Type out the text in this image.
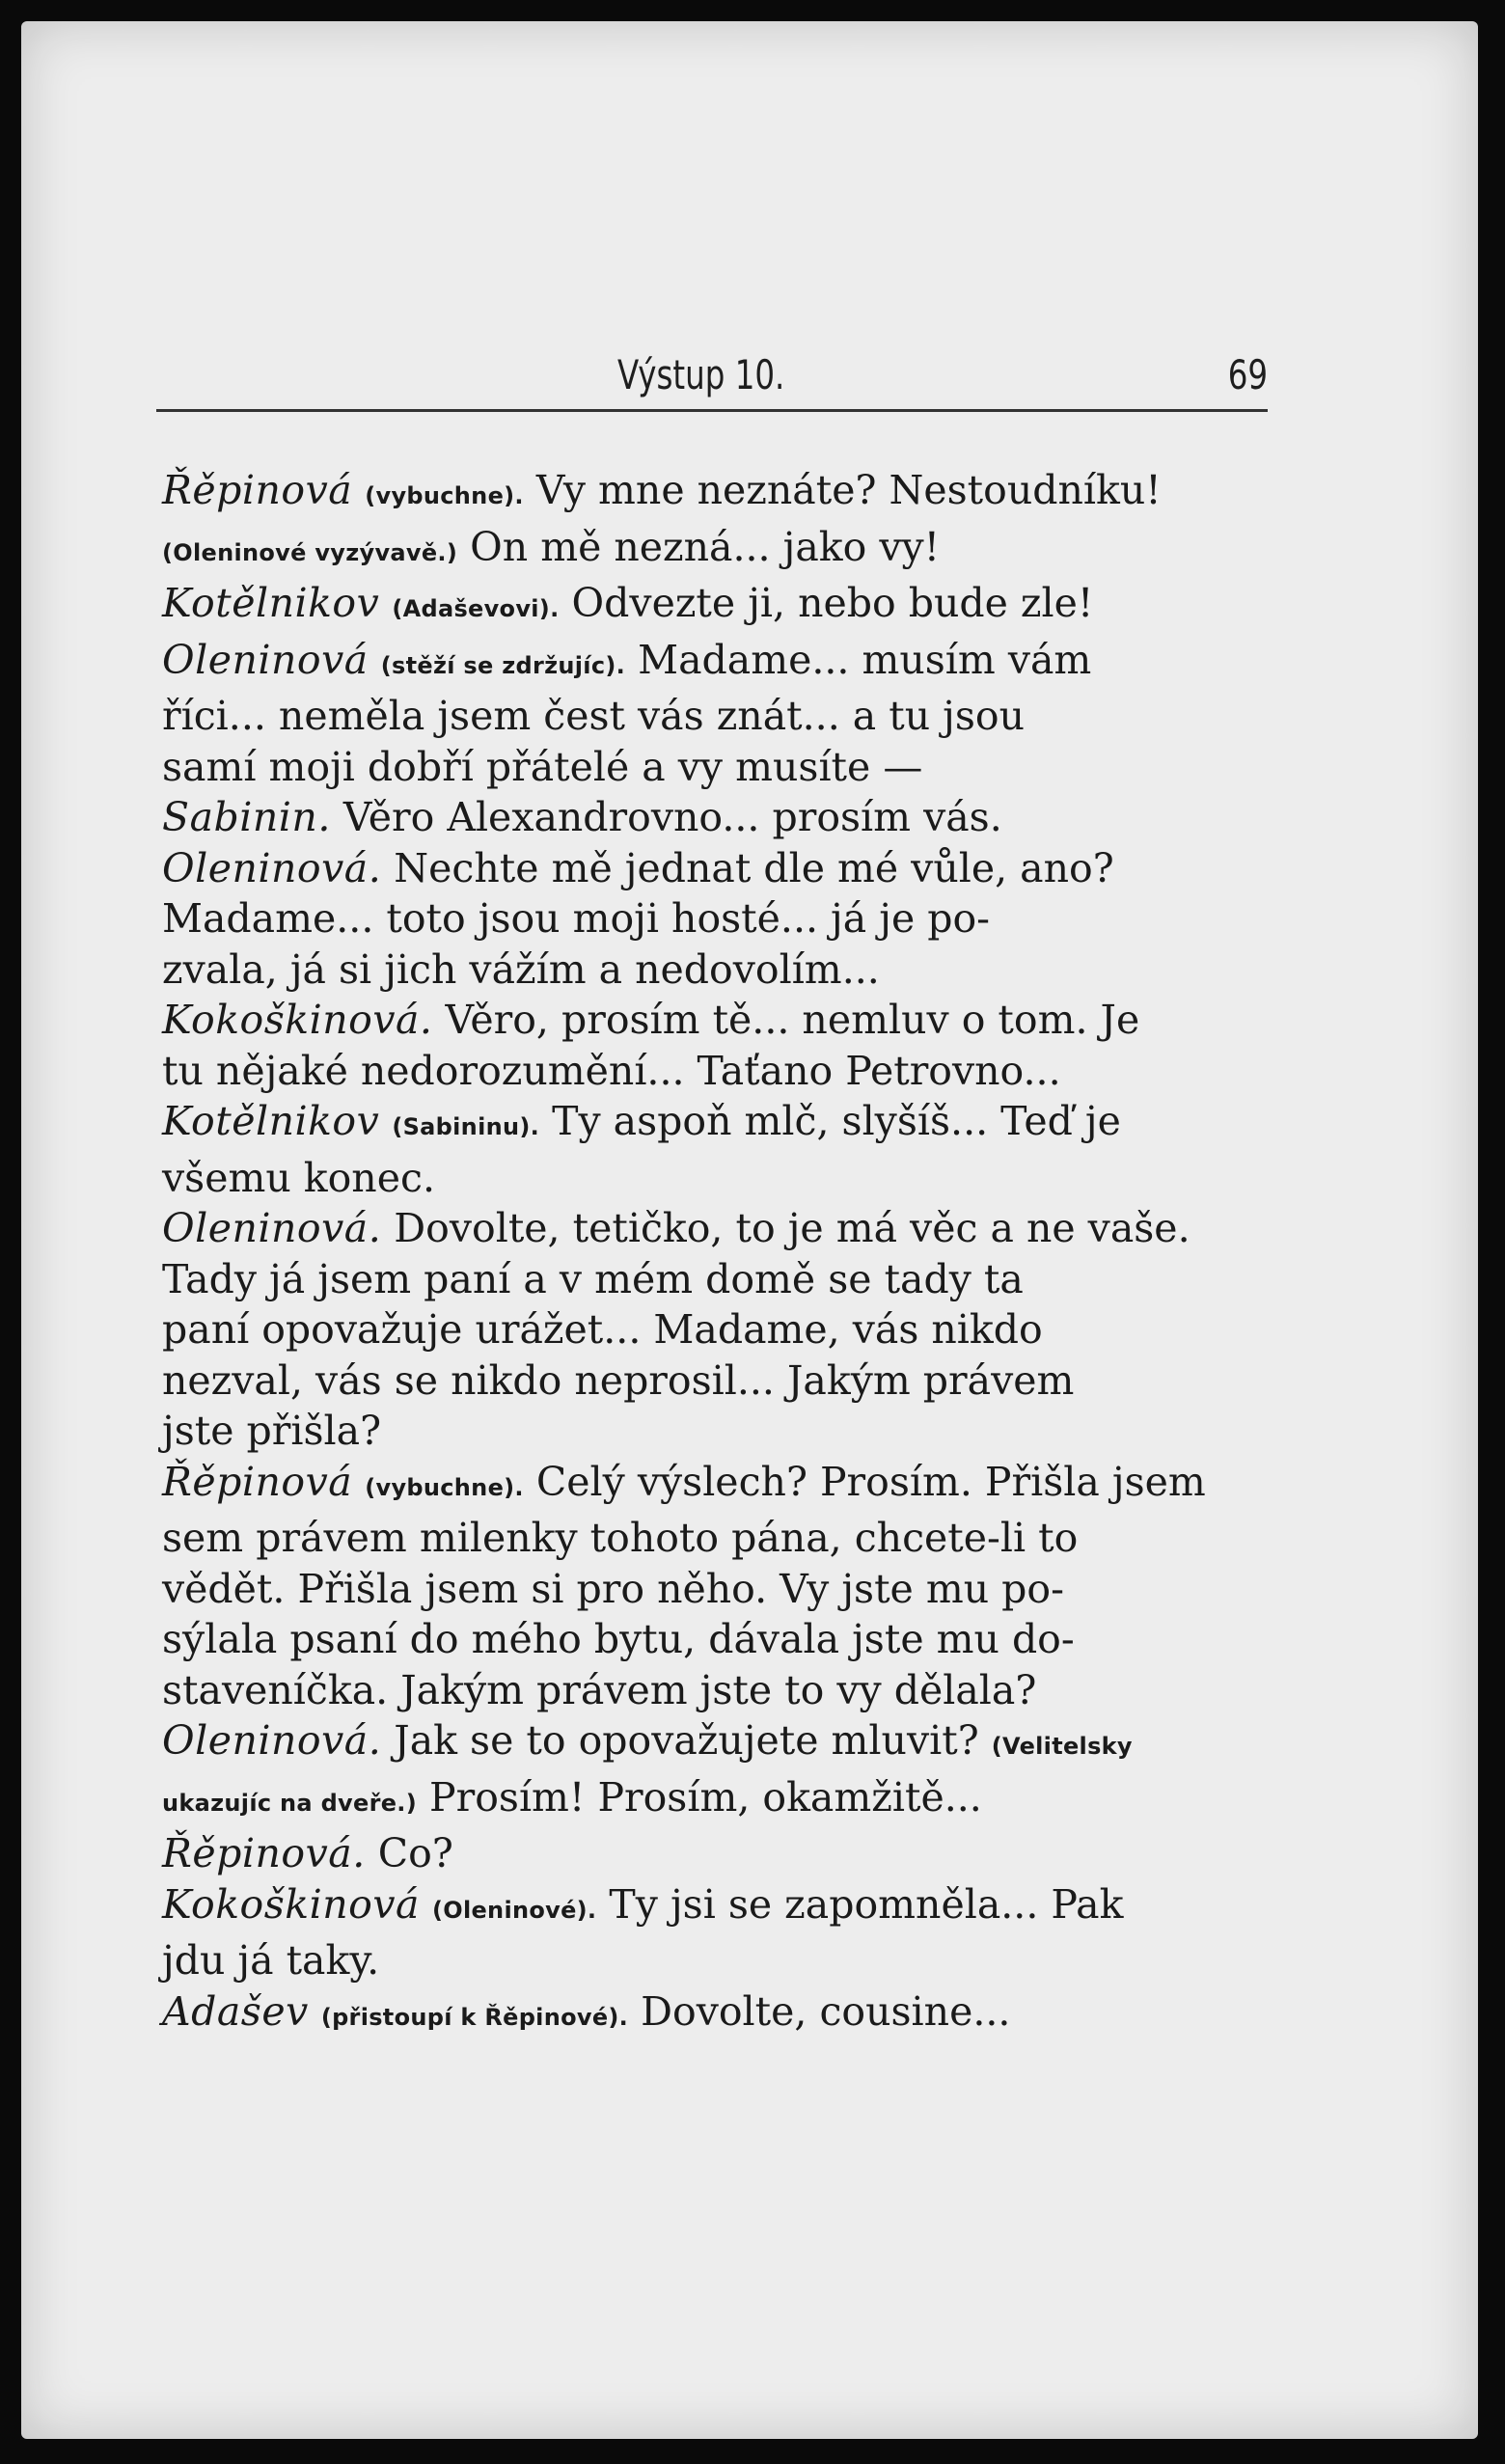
Výstup 10.	69
Řěpinová (vybuchne). Vy mne neznáte? Nestoudníku!
(Oleninové vyzývavě.) On mě nezná... jako vy!
Kotělnikov (Adaševovi). Odvezte ji, nebo bude zle!
Oleninová (stěží se zdržujíc). Madame... musím vám
říci... neměla jsem čest vás znát... a tu jsou
samí moji dobří přátelé a vy musíte —
Sabinin. Věro Alexandrovno... prosím vás.
Oleninová. Nechte mě jednat dle mé vůle, ano?
Madame... toto jsou moji hosté... já je po-
zvala, já si jich vážím a nedovolím...
Kokoškinová. Věro, prosím tě... nemluv o tom. Je
tu nějaké nedorozumění... Taťano Petrovno...
Kotělnikov (Sabininu). Ty aspoň mlč, slyšíš... Teď je
všemu konec.
Oleninová. Dovolte, tetičko, to je má věc a ne vaše.
Tady já jsem paní a v mém domě se tady ta
paní opovažuje urážet... Madame, vás nikdo
nezval, vás se nikdo neprosil... Jakým právem
jste přišla?
Řěpinová (vybuchne). Celý výslech? Prosím. Přišla jsem
sem právem milenky tohoto pána, chcete-li to
vědět. Přišla jsem si pro něho. Vy jste mu po-
sýlala psaní do mého bytu, dávala jste mu do-
staveníčka. Jakým právem jste to vy dělala?
Oleninová. Jak se to opovažujete mluvit? (Velitelsky
ukazujíc na dveře.) Prosím! Prosím, okamžitě...
Řěpinová. Co?
Kokoškinová (Oleninové). Ty jsi se zapomněla... Pak
jdu já taky.
Adašev (přistoupí k Řěpinové). Dovolte, cousine...
